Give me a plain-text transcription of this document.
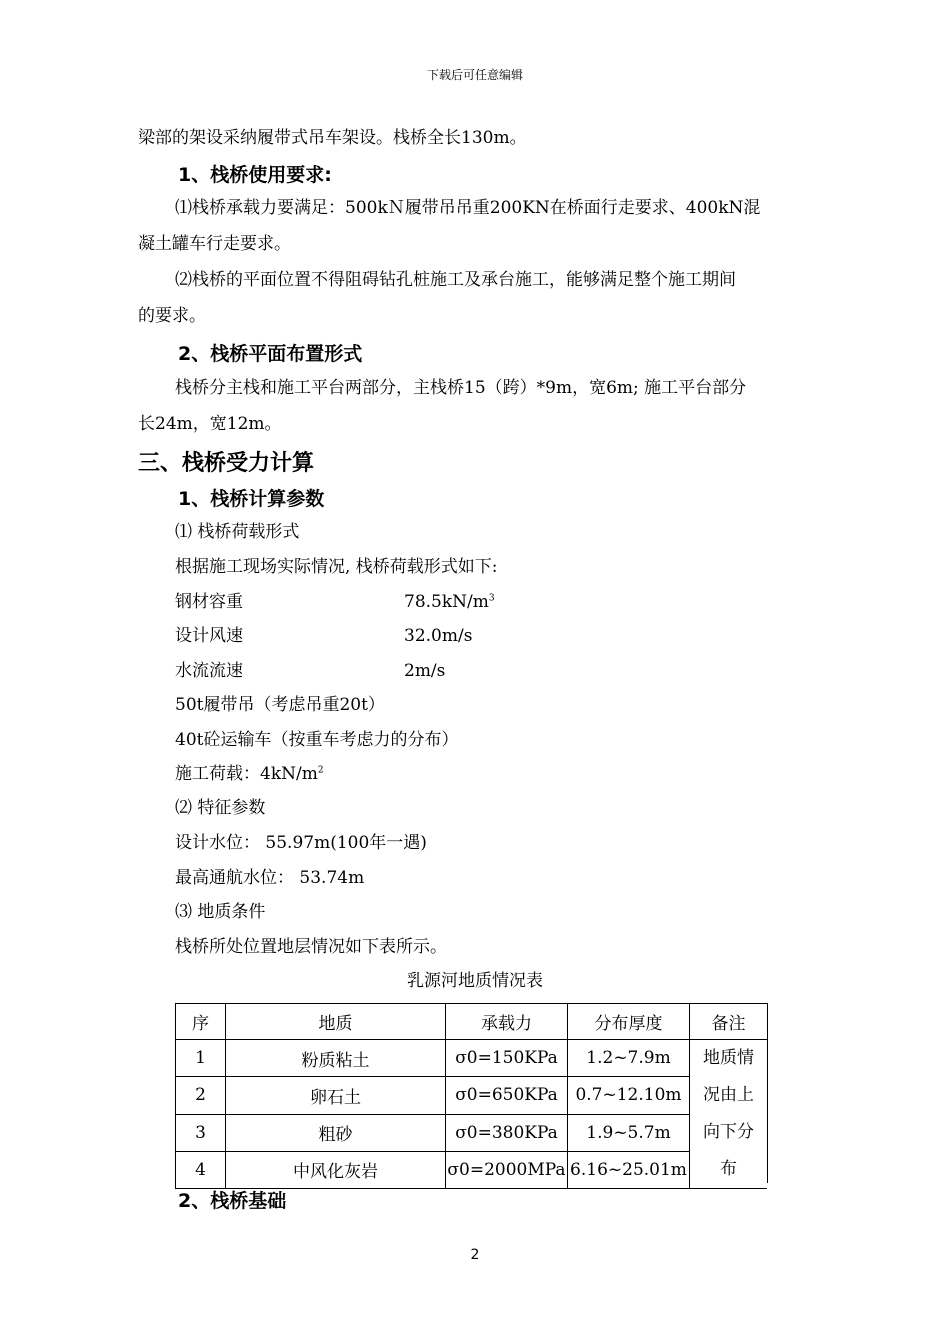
下载后可任意编辑
梁部的架设采纳履带式吊车架设。栈桥全长130m。
1、栈桥使用要求:
⑴栈桥承载力要满足：500kＮ履带吊吊重200KN在桥面行走要求、400kN混
凝土罐车行走要求。
⑵栈桥的平面位置不得阻碍钻孔桩施工及承台施工，能够满足整个施工期间
的要求。
2、栈桥平面布置形式
栈桥分主栈和施工平台两部分，主栈桥15（跨）*9m，宽6m; 施工平台部分
长24m，宽12m。
三、栈桥受力计算
1、栈桥计算参数
⑴ 栈桥荷载形式
根据施工现场实际情况, 栈桥荷载形式如下:
钢材容重	$78.5kN/m^3$
设计风速	32.0m/s
水流流速	2m/s
50t履带吊（考虑吊重20t）
40t砼运输车（按重车考虑力的分布）
施工荷载：$4kN/m^2$
⑵ 特征参数
设计水位： 55.97m(100年一遇)
最高通航水位： 53.74m
⑶ 地质条件
栈桥所处位置地层情况如下表所示。
乳源河地质情况表
序	地质	承载力	分布厚度	备注
1	粉质粘土	σ0=150KPa	1.2~7.9m	地质情
况由上
向下分
布

2	卵石土	σ0=650KPa	0.7~12.10m	
3	粗砂	σ0=380KPa	1.9~5.7m	
4	中风化灰岩	σ0=2000MPa	6.16~25.01m	
2、栈桥基础
2
